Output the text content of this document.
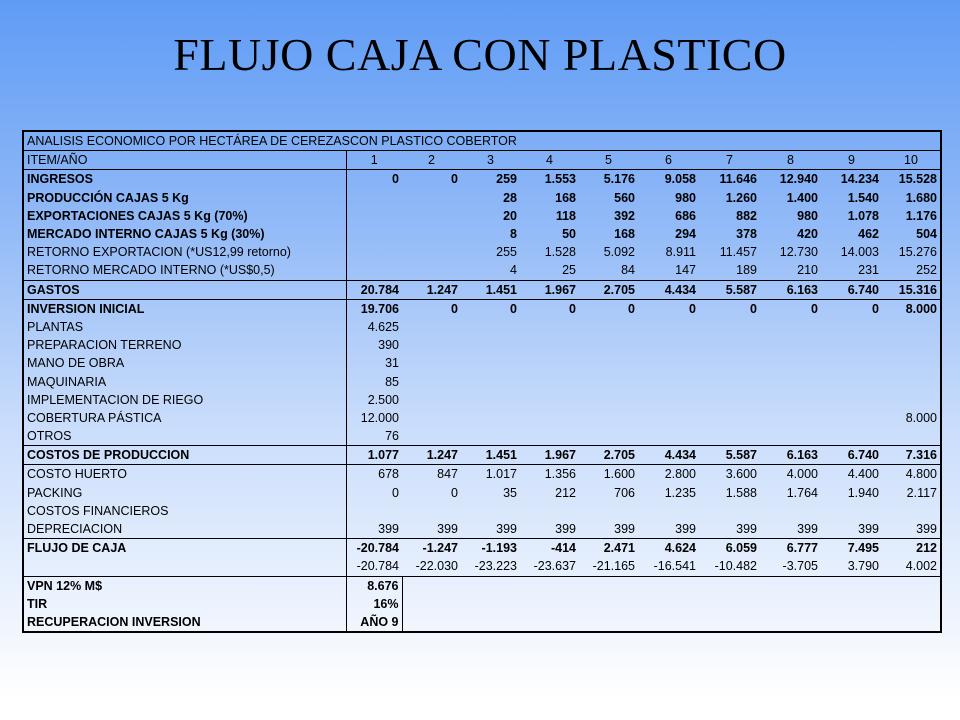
FLUJO CAJA CON PLASTICO
ANALISIS ECONOMICO POR HECTÁREA DE CEREZASCON PLASTICO COBERTOR										
ITEM/AÑO	1	2	3	4	5	6	7	8	9	10
INGRESOS	0	0	259	1.553	5.176	9.058	11.646	12.940	14.234	15.528
PRODUCCIÓN CAJAS 5 Kg			28	168	560	980	1.260	1.400	1.540	1.680
EXPORTACIONES CAJAS 5 Kg (70%)			20	118	392	686	882	980	1.078	1.176
MERCADO INTERNO CAJAS 5 Kg (30%)			8	50	168	294	378	420	462	504
RETORNO EXPORTACION (*US12,99 retorno)			255	1.528	5.092	8.911	11.457	12.730	14.003	15.276
RETORNO MERCADO INTERNO (*US$0,5)			4	25	84	147	189	210	231	252
GASTOS	20.784	1.247	1.451	1.967	2.705	4.434	5.587	6.163	6.740	15.316
INVERSION INICIAL	19.706	0	0	0	0	0	0	0	0	8.000
PLANTAS	4.625									
PREPARACION TERRENO	390									
MANO DE OBRA	31									
MAQUINARIA	85									
IMPLEMENTACION DE RIEGO	2.500									
COBERTURA PÁSTICA	12.000									8.000
OTROS	76									
COSTOS DE PRODUCCION	1.077	1.247	1.451	1.967	2.705	4.434	5.587	6.163	6.740	7.316
COSTO HUERTO	678	847	1.017	1.356	1.600	2.800	3.600	4.000	4.400	4.800
PACKING	0	0	35	212	706	1.235	1.588	1.764	1.940	2.117
COSTOS FINANCIEROS										
DEPRECIACION	399	399	399	399	399	399	399	399	399	399
FLUJO DE CAJA	-20.784	-1.247	-1.193	-414	2.471	4.624	6.059	6.777	7.495	212
	-20.784	-22.030	-23.223	-23.637	-21.165	-16.541	-10.482	-3.705	3.790	4.002
VPN 12% M$	8.676									
TIR	16%									
RECUPERACION INVERSION	AÑO 9									
